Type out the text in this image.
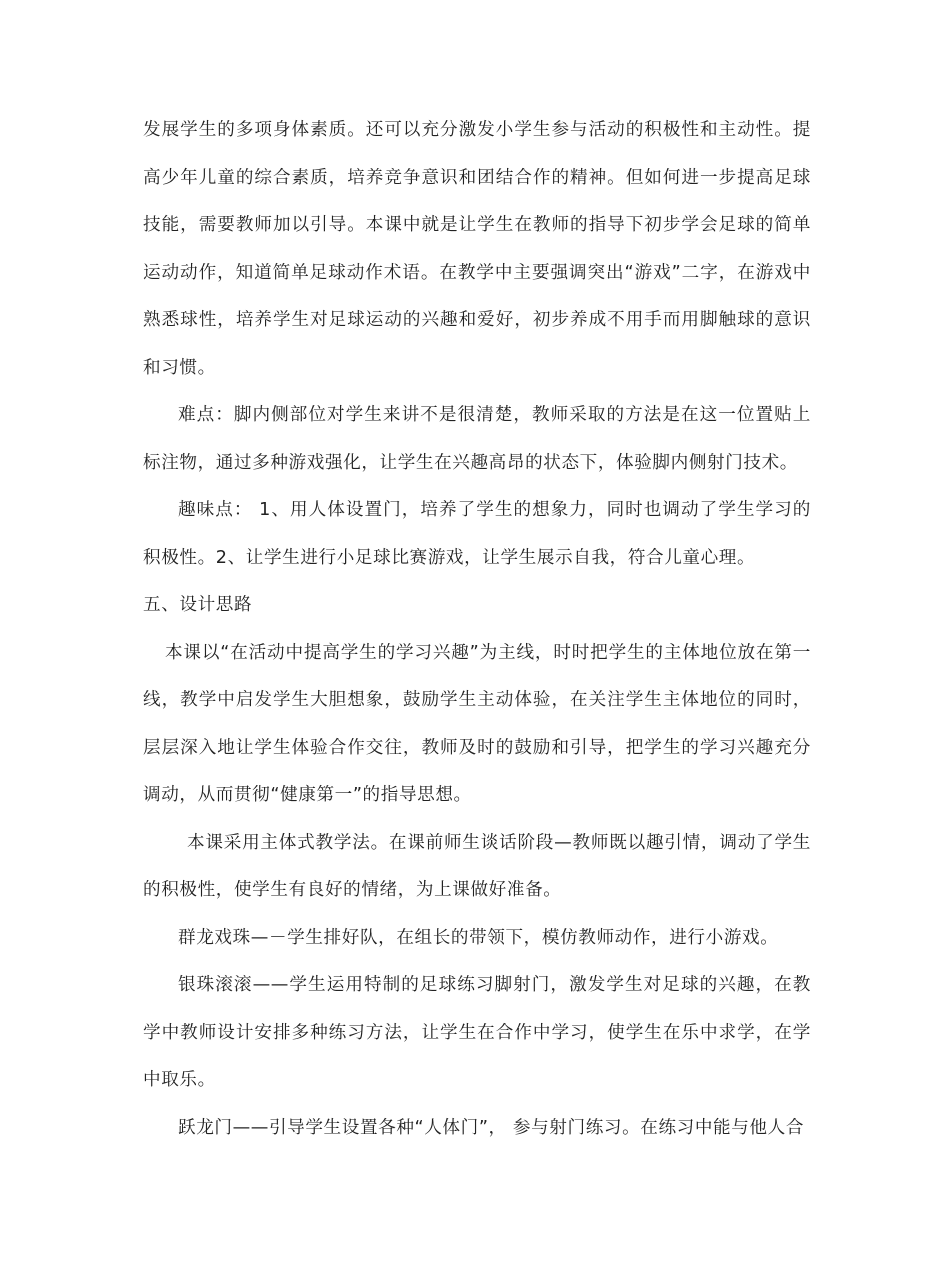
发展学生的多项身体素质。还可以充分激发小学生参与活动的积极性和主动性。提高少年儿童的综合素质，培养竞争意识和团结合作的精神。但如何进一步提高足球技能，需要教师加以引导。本课中就是让学生在教师的指导下初步学会足球的简单运动动作，知道简单足球动作术语。在教学中主要强调突出“游戏”二字，在游戏中熟悉球性，培养学生对足球运动的兴趣和爱好，初步养成不用手而用脚触球的意识和习惯。

难点：脚内侧部位对学生来讲不是很清楚，教师采取的方法是在这一位置贴上标注物，通过多种游戏强化，让学生在兴趣高昂的状态下，体验脚内侧射门技术。

趣味点： 1、用人体设置门，培养了学生的想象力，同时也调动了学生学习的积极性。2、让学生进行小足球比赛游戏，让学生展示自我，符合儿童心理。

五、设计思路

本课以“在活动中提高学生的学习兴趣”为主线，时时把学生的主体地位放在第一线，教学中启发学生大胆想象，鼓励学生主动体验，在关注学生主体地位的同时，层层深入地让学生体验合作交往，教师及时的鼓励和引导，把学生的学习兴趣充分调动，从而贯彻“健康第一”的指导思想。

本课采用主体式教学法。在课前师生谈话阶段—教师既以趣引情，调动了学生的积极性，使学生有良好的情绪，为上课做好准备。

群龙戏珠—－学生排好队，在组长的带领下，模仿教师动作，进行小游戏。

银珠滚滚——学生运用特制的足球练习脚射门，激发学生对足球的兴趣，在教学中教师设计安排多种练习方法，让学生在合作中学习，使学生在乐中求学，在学中取乐。

跃龙门——引导学生设置各种“人体门”， 参与射门练习。在练习中能与他人合
